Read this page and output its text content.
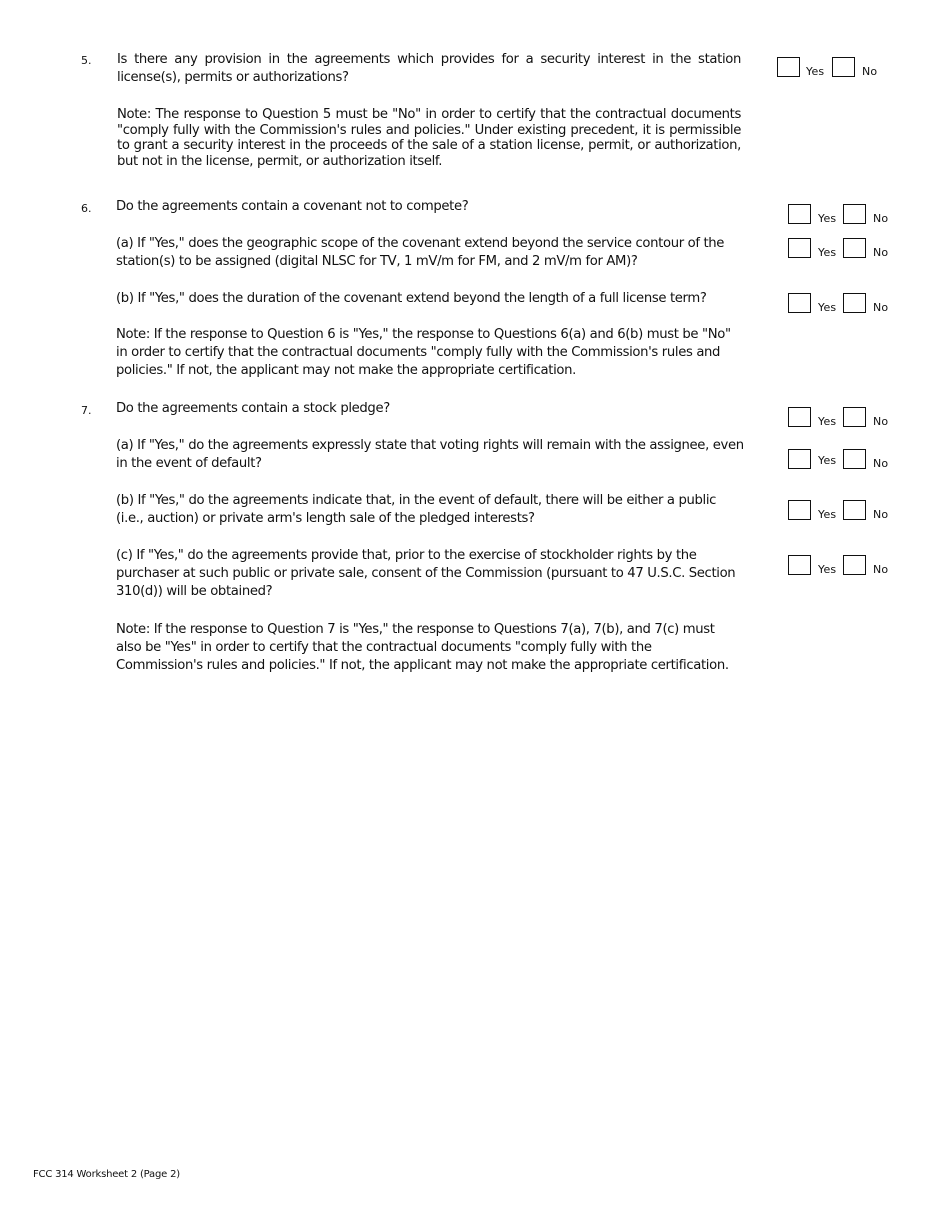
5. Is there any provision in the agreements which provides for a security interest in the station license(s), permits or authorizations?	Yes	No
Note: The response to Question 5 must be "No" in order to certify that the contractual documents "comply fully with the Commission's rules and policies." Under existing precedent, it is permissible to grant a security interest in the proceeds of the sale of a station license, permit, or authorization, but not in the license, permit, or authorization itself.
6. Do the agreements contain a covenant not to compete?
Yes	No
(a) If "Yes," does the geographic scope of the covenant extend beyond the service contour of the station(s) to be assigned (digital NLSC for TV, 1 mV/m for FM, and 2 mV/m for AM)?
Yes	No
(b) If "Yes," does the duration of the covenant extend beyond the length of a full license term?
Yes	No
Note: If the response to Question 6 is "Yes," the response to Questions 6(a) and 6(b) must be "No" in order to certify that the contractual documents "comply fully with the Commission's rules and policies." If not, the applicant may not make the appropriate certification.
7. Do the agreements contain a stock pledge?
Yes	No
(a) If "Yes," do the agreements expressly state that voting rights will remain with the assignee, even in the event of default?	Yes	No
(b) If "Yes," do the agreements indicate that, in the event of default, there will be either a public (i.e., auction) or private arm's length sale of the pledged interests?	Yes	No
(c) If "Yes," do the agreements provide that, prior to the exercise of stockholder rights by the purchaser at such public or private sale, consent of the Commission (pursuant to 47 U.S.C. Section 310(d)) will be obtained?
Yes	No
Note: If the response to Question 7 is "Yes," the response to Questions 7(a), 7(b), and 7(c) must also be "Yes" in order to certify that the contractual documents "comply fully with the Commission's rules and policies." If not, the applicant may not make the appropriate certification.
FCC 314 Worksheet 2 (Page 2)
